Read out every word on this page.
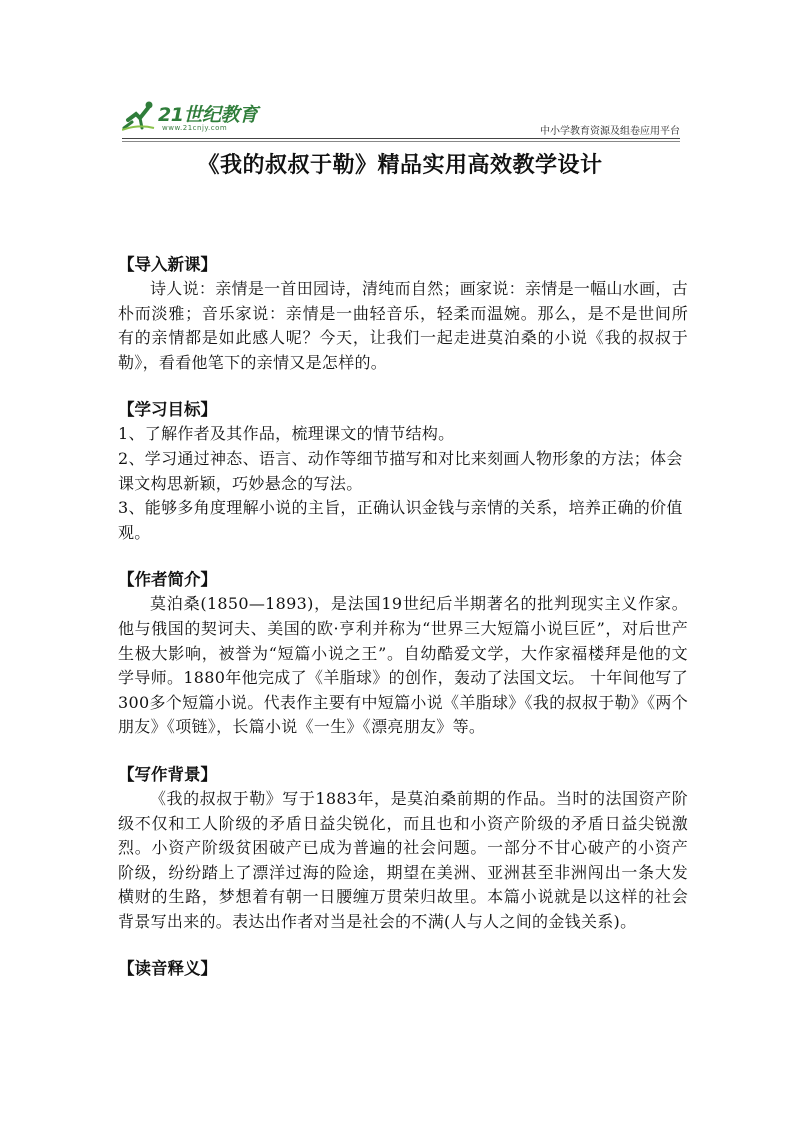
21世纪教育
www.21cnjy.com	中小学教育资源及组卷应用平台
《我的叔叔于勒》精品实用高效教学设计
【导入新课】
诗人说：亲情是一首田园诗，清纯而自然；画家说：亲情是一幅山水画，古朴而淡雅；音乐家说：亲情是一曲轻音乐，轻柔而温婉。那么，是不是世间所有的亲情都是如此感人呢？今天，让我们一起走进莫泊桑的小说《我的叔叔于勒》，看看他笔下的亲情又是怎样的。
【学习目标】
1、了解作者及其作品，梳理课文的情节结构。
2、学习通过神态、语言、动作等细节描写和对比来刻画人物形象的方法；体会课文构思新颖，巧妙悬念的写法。
3、能够多角度理解小说的主旨，正确认识金钱与亲情的关系，培养正确的价值观。
【作者简介】
莫泊桑(1850—1893)，是法国19世纪后半期著名的批判现实主义作家。他与俄国的契诃夫、美国的欧·亨利并称为“世界三大短篇小说巨匠”，对后世产生极大影响，被誉为“短篇小说之王”。自幼酷爱文学，大作家福楼拜是他的文学导师。1880年他完成了《羊脂球》的创作，轰动了法国文坛。 十年间他写了300多个短篇小说。代表作主要有中短篇小说《羊脂球》《我的叔叔于勒》《两个朋友》《项链》，长篇小说《一生》《漂亮朋友》等。
【写作背景】
《我的叔叔于勒》写于1883年，是莫泊桑前期的作品。当时的法国资产阶级不仅和工人阶级的矛盾日益尖锐化，而且也和小资产阶级的矛盾日益尖锐激烈。小资产阶级贫困破产已成为普遍的社会问题。一部分不甘心破产的小资产阶级，纷纷踏上了漂洋过海的险途，期望在美洲、亚洲甚至非洲闯出一条大发横财的生路，梦想着有朝一日腰缠万贯荣归故里。本篇小说就是以这样的社会背景写出来的。表达出作者对当是社会的不满(人与人之间的金钱关系)。
【读音释义】
